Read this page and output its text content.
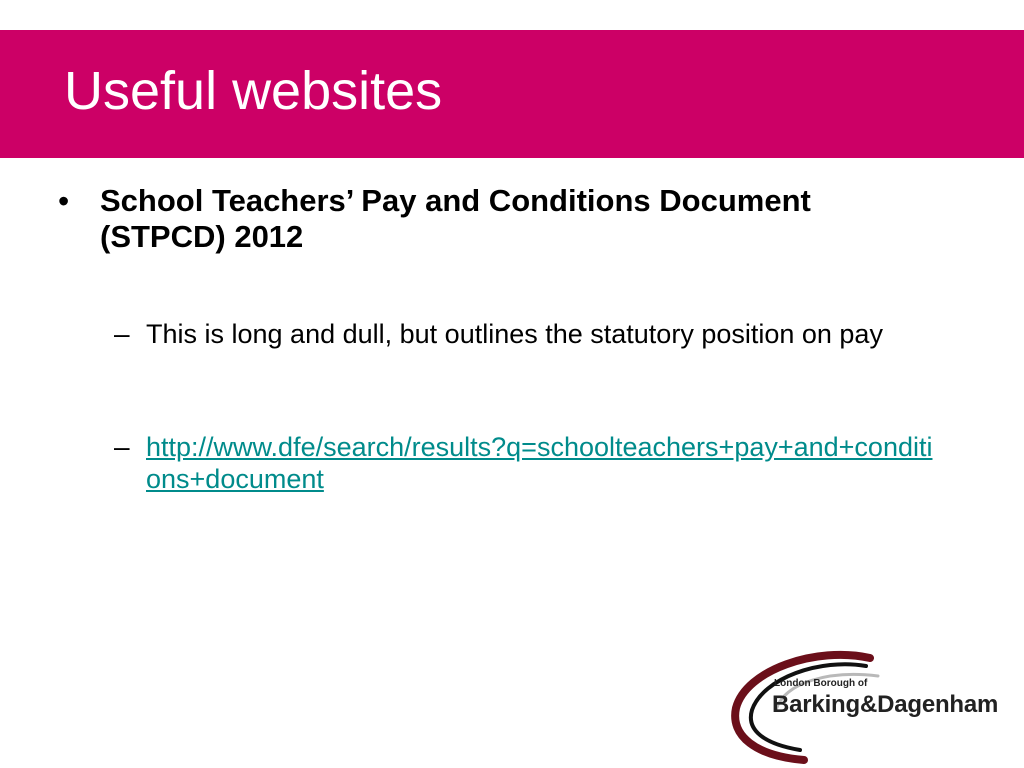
Useful websites
• School Teachers’ Pay and Conditions Document (STPCD) 2012
– This is long and dull, but outlines the statutory position on pay
– http://www.dfe/search/results?q=schoolteachers+pay+and+conditions+document
London Borough of
Barking&Dagenham
